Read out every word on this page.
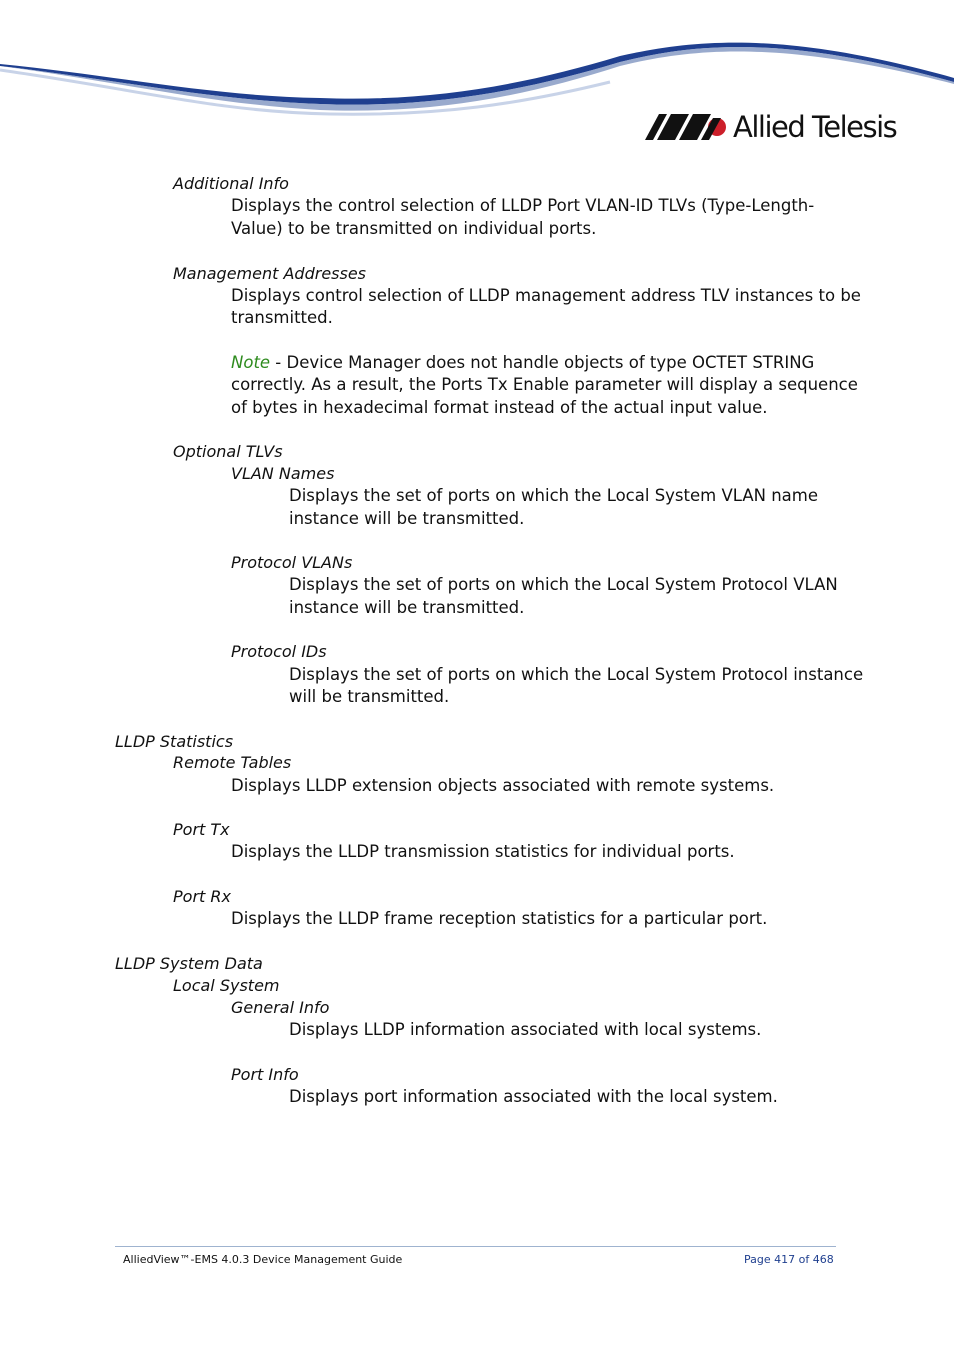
Allied Telesis
Additional Info
Displays the control selection of LLDP Port VLAN-ID TLVs (Type-Length-
Value) to be transmitted on individual ports.
Management Addresses
Displays control selection of LLDP management address TLV instances to be
transmitted.
Note - Device Manager does not handle objects of type OCTET STRING
correctly. As a result, the Ports Tx Enable parameter will display a sequence
of bytes in hexadecimal format instead of the actual input value.
Optional TLVs
VLAN Names
Displays the set of ports on which the Local System VLAN name
instance will be transmitted.
Protocol VLANs
Displays the set of ports on which the Local System Protocol VLAN
instance will be transmitted.
Protocol IDs
Displays the set of ports on which the Local System Protocol instance
will be transmitted.
LLDP Statistics
Remote Tables
Displays LLDP extension objects associated with remote systems.
Port Tx
Displays the LLDP transmission statistics for individual ports.
Port Rx
Displays the LLDP frame reception statistics for a particular port.
LLDP System Data
Local System
General Info
Displays LLDP information associated with local systems.
Port Info
Displays port information associated with the local system.
AlliedView™-EMS 4.0.3 Device Management Guide	Page 417 of 468
